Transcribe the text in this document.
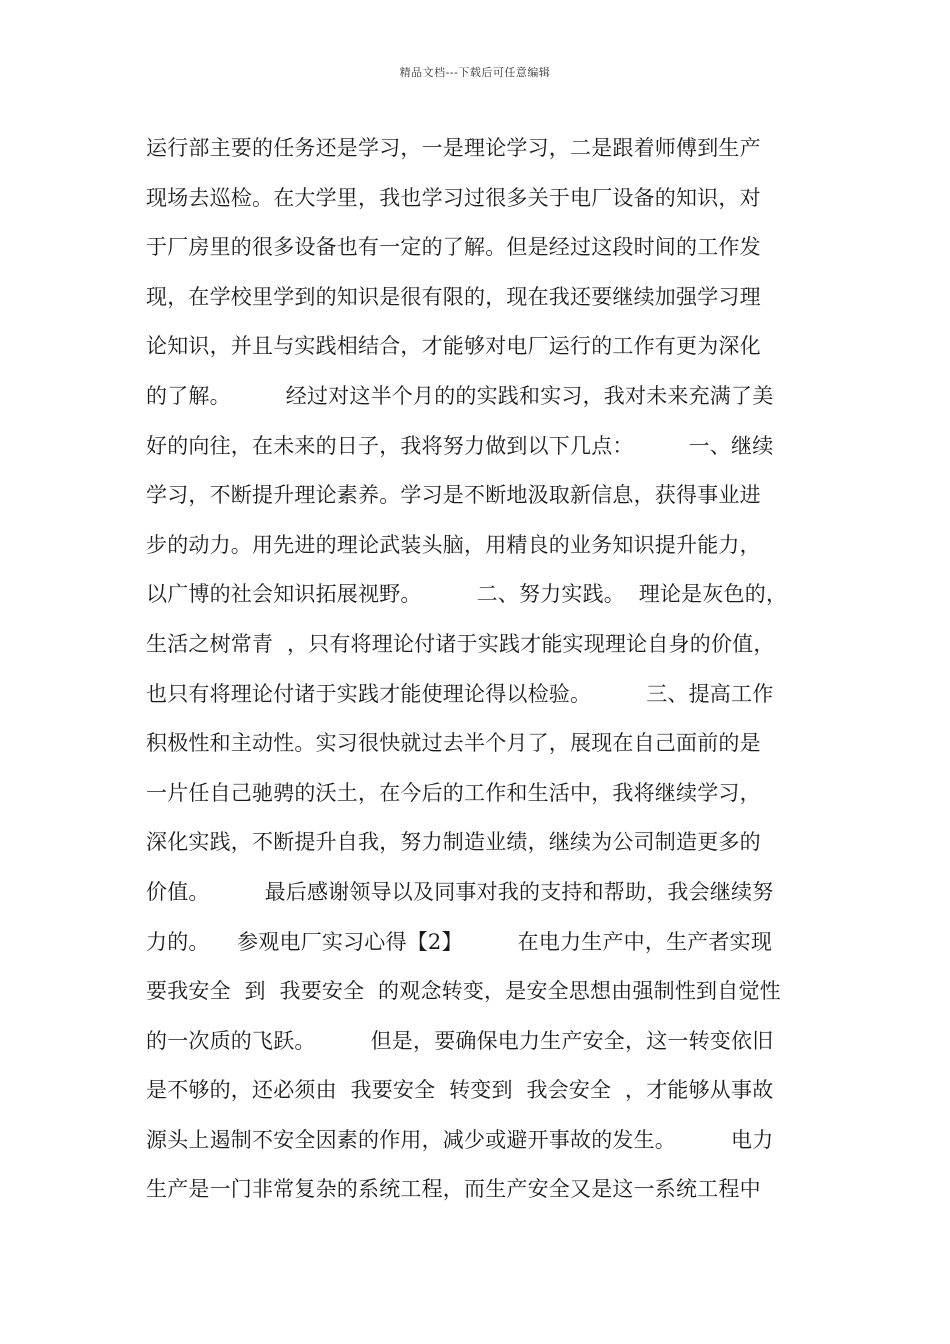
精品文档---下载后可任意编辑
运行部主要的任务还是学习，一是理论学习，二是跟着师傅到生产
现场去巡检。在大学里，我也学习过很多关于电厂设备的知识，对
于厂房里的很多设备也有一定的了解。但是经过这段时间的工作发
现，在学校里学到的知识是很有限的，现在我还要继续加强学习理
论知识，并且与实践相结合，才能够对电厂运行的工作有更为深化
的了解。        经过对这半个月的的实践和实习，我对未来充满了美
好的向往，在未来的日子，我将努力做到以下几点：        一、继续
学习，不断提升理论素养。学习是不断地汲取新信息，获得事业进
步的动力。用先进的理论武装头脑，用精良的业务知识提升能力，
以广博的社会知识拓展视野。        二、努力实践。  理论是灰色的，
生活之树常青  ，只有将理论付诸于实践才能实现理论自身的价值，
也只有将理论付诸于实践才能使理论得以检验。        三、提高工作
积极性和主动性。实习很快就过去半个月了，展现在自己面前的是
一片任自己驰骋的沃土，在今后的工作和生活中，我将继续学习，
深化实践，不断提升自我，努力制造业绩，继续为公司制造更多的
价值。        最后感谢领导以及同事对我的支持和帮助，我会继续努
力的。    参观电厂实习心得【2】        在电力生产中，生产者实现
要我安全  到  我要安全  的观念转变，是安全思想由强制性到自觉性
的一次质的飞跃。        但是，要确保电力生产安全，这一转变依旧
是不够的，还必须由  我要安全  转变到  我会安全  ，才能够从事故
源头上遏制不安全因素的作用，减少或避开事故的发生。        电力
生产是一门非常复杂的系统工程，而生产安全又是这一系统工程中
